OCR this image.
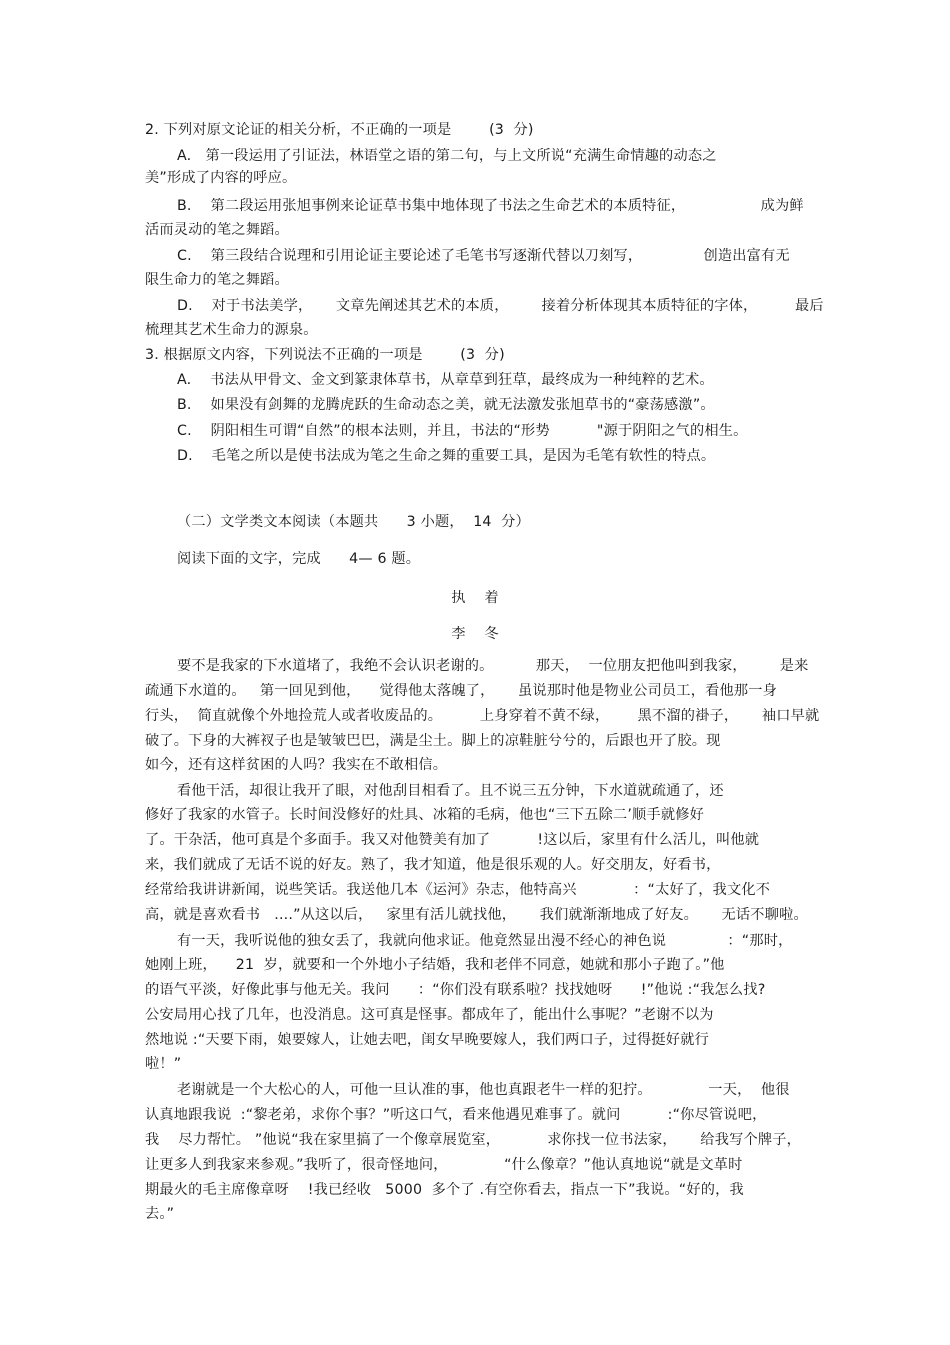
2. 下列对原文论证的相关分析，不正确的一项是        (3  分)
A.   第一段运用了引证法，林语堂之语的第二句，与上文所说“充满生命情趣的动态之
美”形成了内容的呼应。
B.    第二段运用张旭事例来论证草书集中地体现了书法之生命艺术的本质特征，                成为鲜
活而灵动的笔之舞蹈。
C.    第三段结合说理和引用论证主要论述了毛笔书写逐渐代替以刀刻写，             创造出富有无
限生命力的笔之舞蹈。
D.    对于书法美学，     文章先阐述其艺术的本质，       接着分析体现其本质特征的字体，        最后
梳理其艺术生命力的源泉。
3. 根据原文内容，下列说法不正确的一项是        (3  分)
A.    书法从甲骨文、金文到篆隶体草书，从章草到狂草，最终成为一种纯粹的艺术。
B.    如果没有剑舞的龙腾虎跃的生命动态之美，就无法激发张旭草书的“豪荡感激”。
C.    阴阳相生可谓“自然”的根本法则，并且，书法的“形势          "源于阴阳之气的相生。
D.    毛笔之所以是使书法成为笔之生命之舞的重要工具，是因为毛笔有软性的特点。
（二）文学类文本阅读（本题共      3 小题，  14  分）
阅读下面的文字，完成      4— 6 题。
执    着
李    冬
要不是我家的下水道堵了，我绝不会认识老谢的。         那天，  一位朋友把他叫到我家，       是来
疏通下水道的。   第一回见到他，    觉得他太落魄了，     虽说那时他是物业公司员工，看他那一身
行头，  简直就像个外地捡荒人或者收废品的。        上身穿着不黄不绿，      黑不溜的褂子，     袖口早就
破了。下身的大裤衩子也是皱皱巴巴，满是尘土。脚上的凉鞋脏兮兮的，后跟也开了胶。现
如今，还有这样贫困的人吗？我实在不敢相信。
看他干活，却很让我开了眼，对他刮目相看了。且不说三五分钟，下水道就疏通了，还
修好了我家的水管子。长时间没修好的灶具、冰箱的毛病，他也“三下五除二’顺手就修好
了。干杂活，他可真是个多面手。我又对他赞美有加了          !这以后，家里有什么活儿，叫他就
来，我们就成了无话不说的好友。熟了，我才知道，他是很乐观的人。好交朋友，好看书，
经常给我讲讲新闻，说些笑话。我送他几本《运河》杂志，他特高兴            ：“太好了，我文化不
高，就是喜欢看书   ....”从这以后，   家里有活儿就找他，     我们就渐渐地成了好友。     无话不聊啦。
有一天，我听说他的独女丢了，我就向他求证。他竟然显出漫不经心的神色说             ：“那时，
她刚上班，    21  岁，就要和一个外地小子结婚，我和老伴不同意，她就和那小子跑了。”他
的语气平淡，好像此事与他无关。我问      ：“你们没有联系啦？找找她呀      !”他说 :“我怎么找?
公安局用心找了几年，也没消息。这可真是怪事。都成年了，能出什么事呢？”老谢不以为
然地说 :“天要下雨，娘要嫁人，让她去吧，闺女早晚要嫁人，我们两口子，过得挺好就行
啦！”
老谢就是一个大松心的人，可他一旦认准的事，他也真跟老牛一样的犯拧。            一天，  他很
认真地跟我说  :“黎老弟，求你个事？”听这口气，看来他遇见难事了。就问          :“你尽管说吧，
我    尽力帮忙。 ”他说“我在家里搞了一个像章展览室，          求你找一位书法家，     给我写个牌子，
让更多人到我家来参观。”我听了，很奇怪地问，            “什么像章？”他认真地说“就是文革时
期最火的毛主席像章呀    !我已经收   5000  多个了 .有空你看去，指点一下”我说。“好的，我
去。”
